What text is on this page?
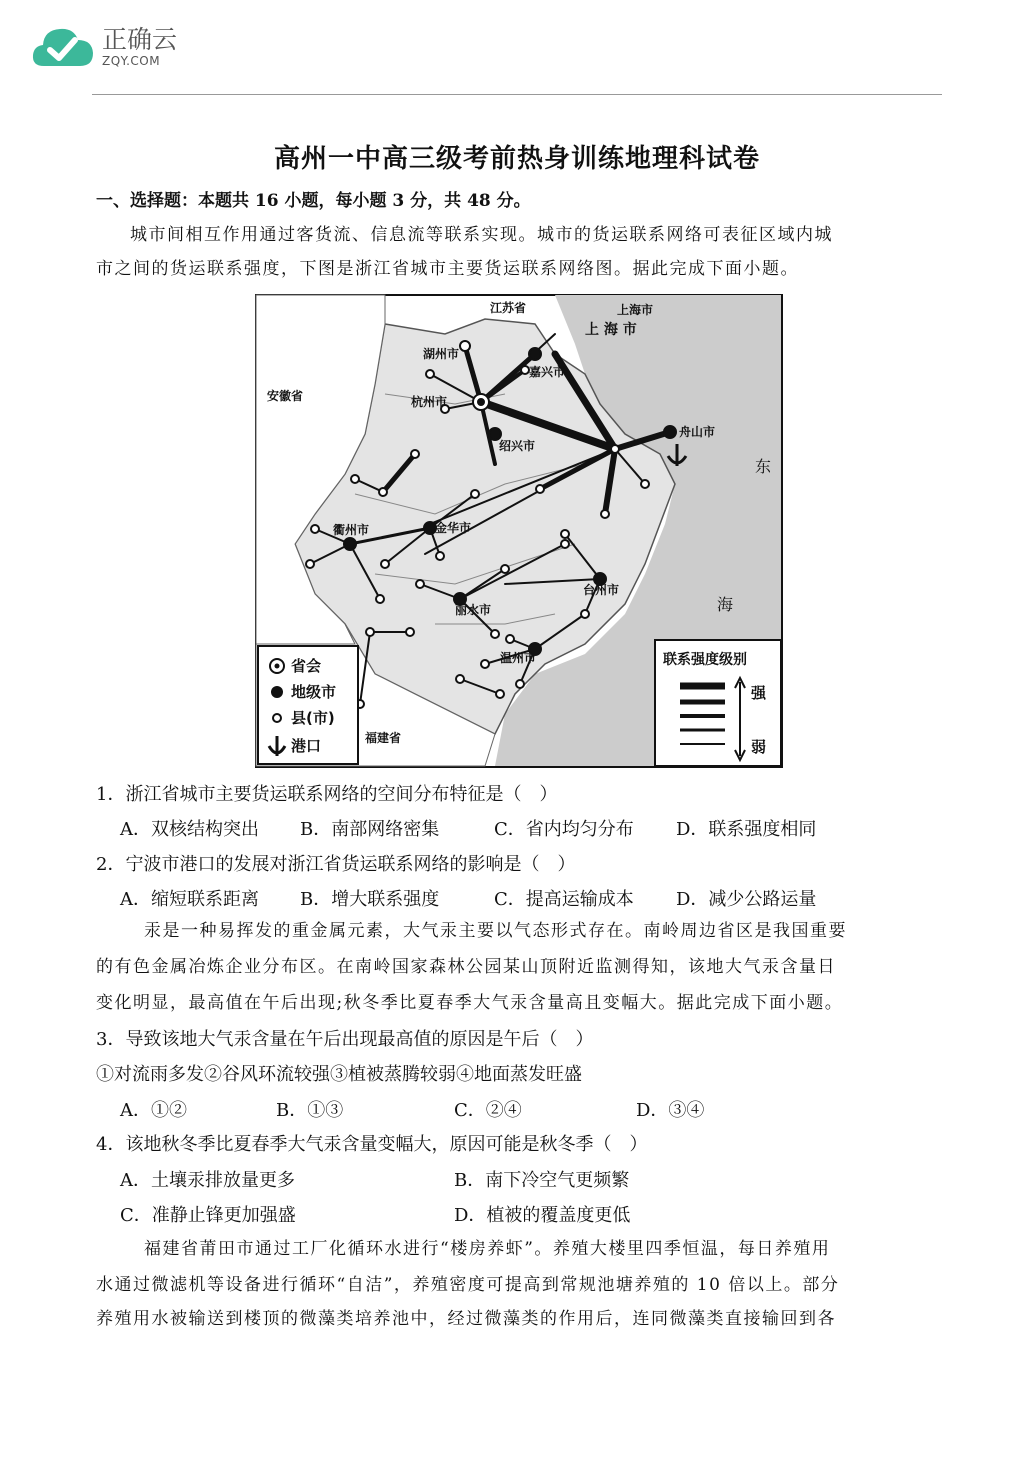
正确云
ZQY.COM
高州一中高三级考前热身训练地理科试卷
一、选择题：本题共 16 小题，每小题 3 分，共 48 分。
城市间相互作用通过客货流、信息流等联系实现。城市的货运联系网络可表征区域内城
市之间的货运联系强度，下图是浙江省城市主要货运联系网络图。据此完成下面小题。
江苏省	上海市
上 海 市
安徽省
湖州市
嘉兴市
杭州市
绍兴市
舟山市
衢州市	金华市
丽水市
台州市
温州市
福建省
东
海
省会
地级市
县(市)
港口
联系强度级别
强
弱
1．浙江省城市主要货运联系网络的空间分布特征是（　）
A．双核结构突出 B．南部网络密集	C．省内均匀分布 D．联系强度相同
2．宁波市港口的发展对浙江省货运联系网络的影响是（　）
A．缩短联系距离 B．增大联系强度	C．提高运输成本 D．减少公路运量
汞是一种易挥发的重金属元素，大气汞主要以气态形式存在。南岭周边省区是我国重要
的有色金属冶炼企业分布区。在南岭国家森林公园某山顶附近监测得知，该地大气汞含量日
变化明显，最高值在午后出现;秋冬季比夏春季大气汞含量高且变幅大。据此完成下面小题。
3．导致该地大气汞含量在午后出现最高值的原因是午后（　）
①对流雨多发②谷风环流较强③植被蒸腾较弱④地面蒸发旺盛
A．①②	B．①③	C．②④	D．③④
4．该地秋冬季比夏春季大气汞含量变幅大，原因可能是秋冬季（　）
A．土壤汞排放量更多	B．南下冷空气更频繁
C．准静止锋更加强盛	D．植被的覆盖度更低
福建省莆田市通过工厂化循环水进行“楼房养虾”。养殖大楼里四季恒温，每日养殖用
水通过微滤机等设备进行循环“自洁”，养殖密度可提高到常规池塘养殖的 10 倍以上。部分
养殖用水被输送到楼顶的微藻类培养池中，经过微藻类的作用后，连同微藻类直接输回到各
